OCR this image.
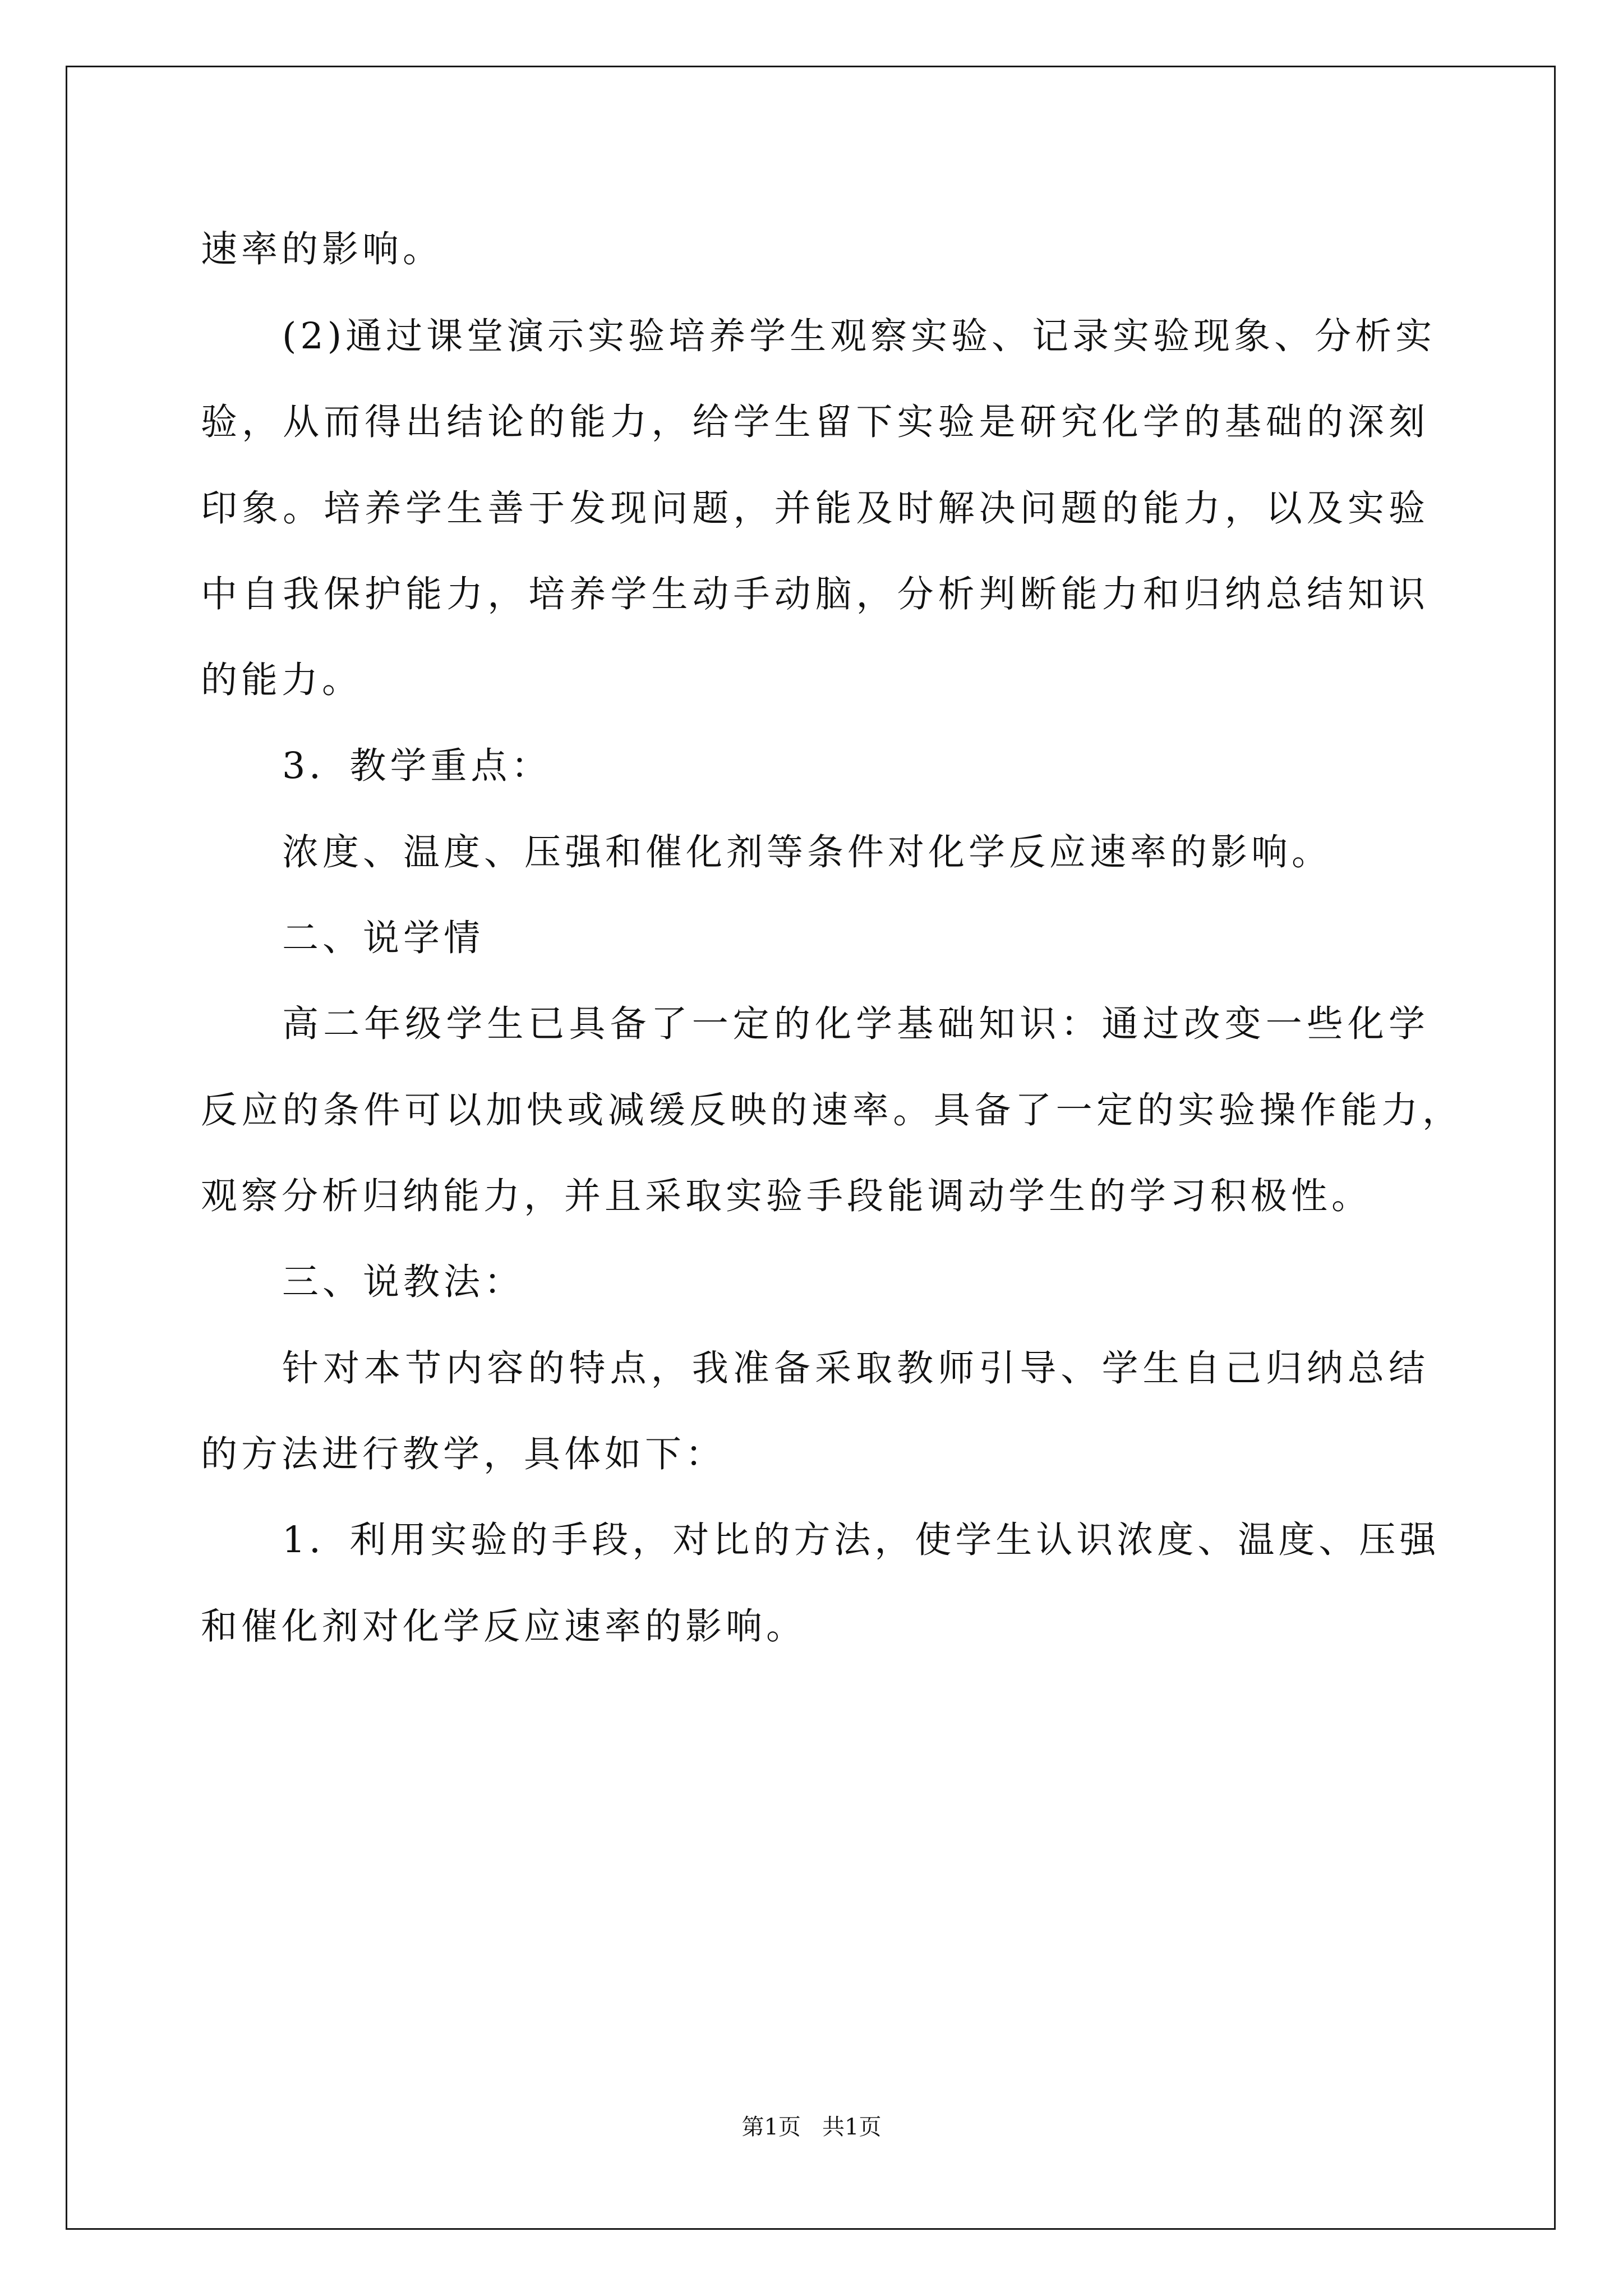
速率的影响。
(2)通过课堂演示实验培养学生观察实验、记录实验现象、分析实
验，从而得出结论的能力，给学生留下实验是研究化学的基础的深刻
印象。培养学生善于发现问题，并能及时解决问题的能力，以及实验
中自我保护能力，培养学生动手动脑，分析判断能力和归纳总结知识
的能力。
3．教学重点：
浓度、温度、压强和催化剂等条件对化学反应速率的影响。
二、说学情
高二年级学生已具备了一定的化学基础知识：通过改变一些化学
反应的条件可以加快或减缓反映的速率。具备了一定的实验操作能力，
观察分析归纳能力，并且采取实验手段能调动学生的学习积极性。
三、说教法：
针对本节内容的特点，我准备采取教师引导、学生自己归纳总结
的方法进行教学，具体如下：
1．利用实验的手段，对比的方法，使学生认识浓度、温度、压强
和催化剂对化学反应速率的影响。
第1页   共1页
